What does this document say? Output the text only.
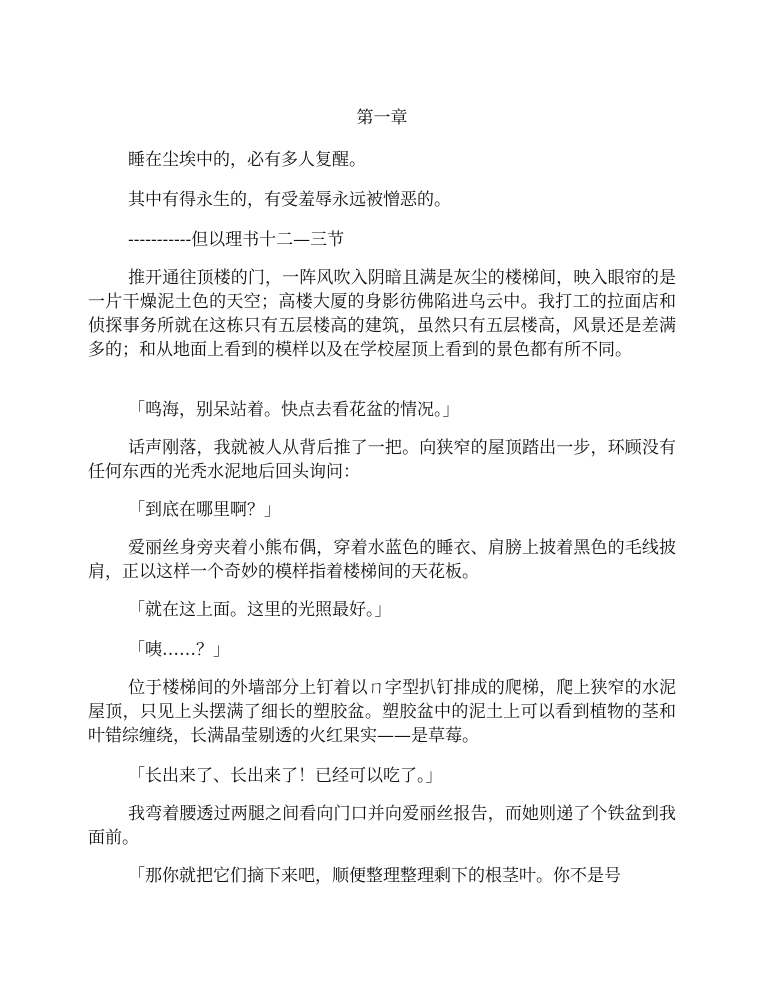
第一章

睡在尘埃中的，必有多人复醒。

其中有得永生的，有受羞辱永远被憎恶的。

-----------但以理书十二—三节

推开通往顶楼的门，一阵风吹入阴暗且满是灰尘的楼梯间，映入眼帘的是一片干燥泥土色的天空；高楼大厦的身影彷佛陷进乌云中。我打工的拉面店和侦探事务所就在这栋只有五层楼高的建筑，虽然只有五层楼高，风景还是差满多的；和从地面上看到的模样以及在学校屋顶上看到的景色都有所不同。

「鸣海，别呆站着。快点去看花盆的情况。」

话声刚落，我就被人从背后推了一把。向狭窄的屋顶踏出一步，环顾没有任何东西的光秃水泥地后回头询问：

「到底在哪里啊？」

爱丽丝身旁夹着小熊布偶，穿着水蓝色的睡衣、肩膀上披着黑色的毛线披肩，正以这样一个奇妙的模样指着楼梯间的天花板。

「就在这上面。这里的光照最好。」

「咦……？」

位于楼梯间的外墙部分上钉着以ㄇ字型扒钉排成的爬梯，爬上狭窄的水泥屋顶，只见上头摆满了细长的塑胶盆。塑胶盆中的泥土上可以看到植物的茎和叶错综缠绕，长满晶莹剔透的火红果实——是草莓。

「长出来了、长出来了！已经可以吃了。」

我弯着腰透过两腿之间看向门口并向爱丽丝报告，而她则递了个铁盆到我面前。

「那你就把它们摘下来吧，顺便整理整理剩下的根茎叶。你不是号
